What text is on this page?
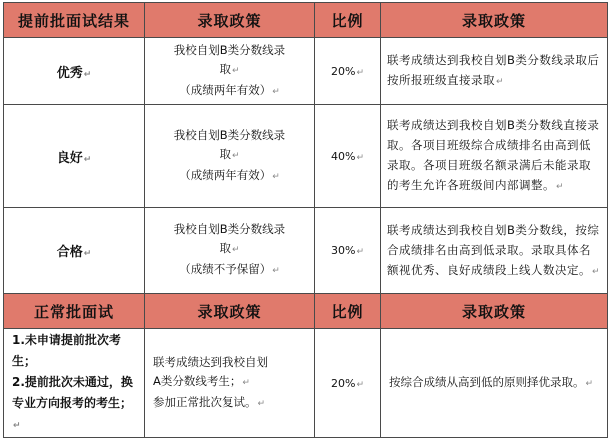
提前批面试结果	录取政策	比例	录取政策
优秀↵	我校自划B类分数线录
取↵
（成绩两年有效）↵	20%↵	联考成绩达到我校自划B类分数线录取后按所报班级直接录取↵
良好↵	我校自划B类分数线录
取↵
（成绩两年有效）↵	40%↵	联考成绩达到我校自划B类分数线直接录取。各项目班级综合成绩排名由高到低录取。各项目班级名额录满后未能录取的考生允许各班级间内部调整。↵
合格↵	我校自划B类分数线录
取↵
（成绩不予保留）↵	30%↵	联考成绩达到我校自划B类分数线，按综合成绩排名由高到低录取。录取具体名额视优秀、良好成绩段上线人数决定。↵
正常批面试	录取政策	比例	录取政策

1.未申请提前批次考生；
2.提前批次未通过，换专业方向报考的考生；↵	联考成绩达到我校自划
A类分数线考生；↵
参加正常批次复试。↵	20%↵	按综合成绩从高到低的原则择优录取。↵
